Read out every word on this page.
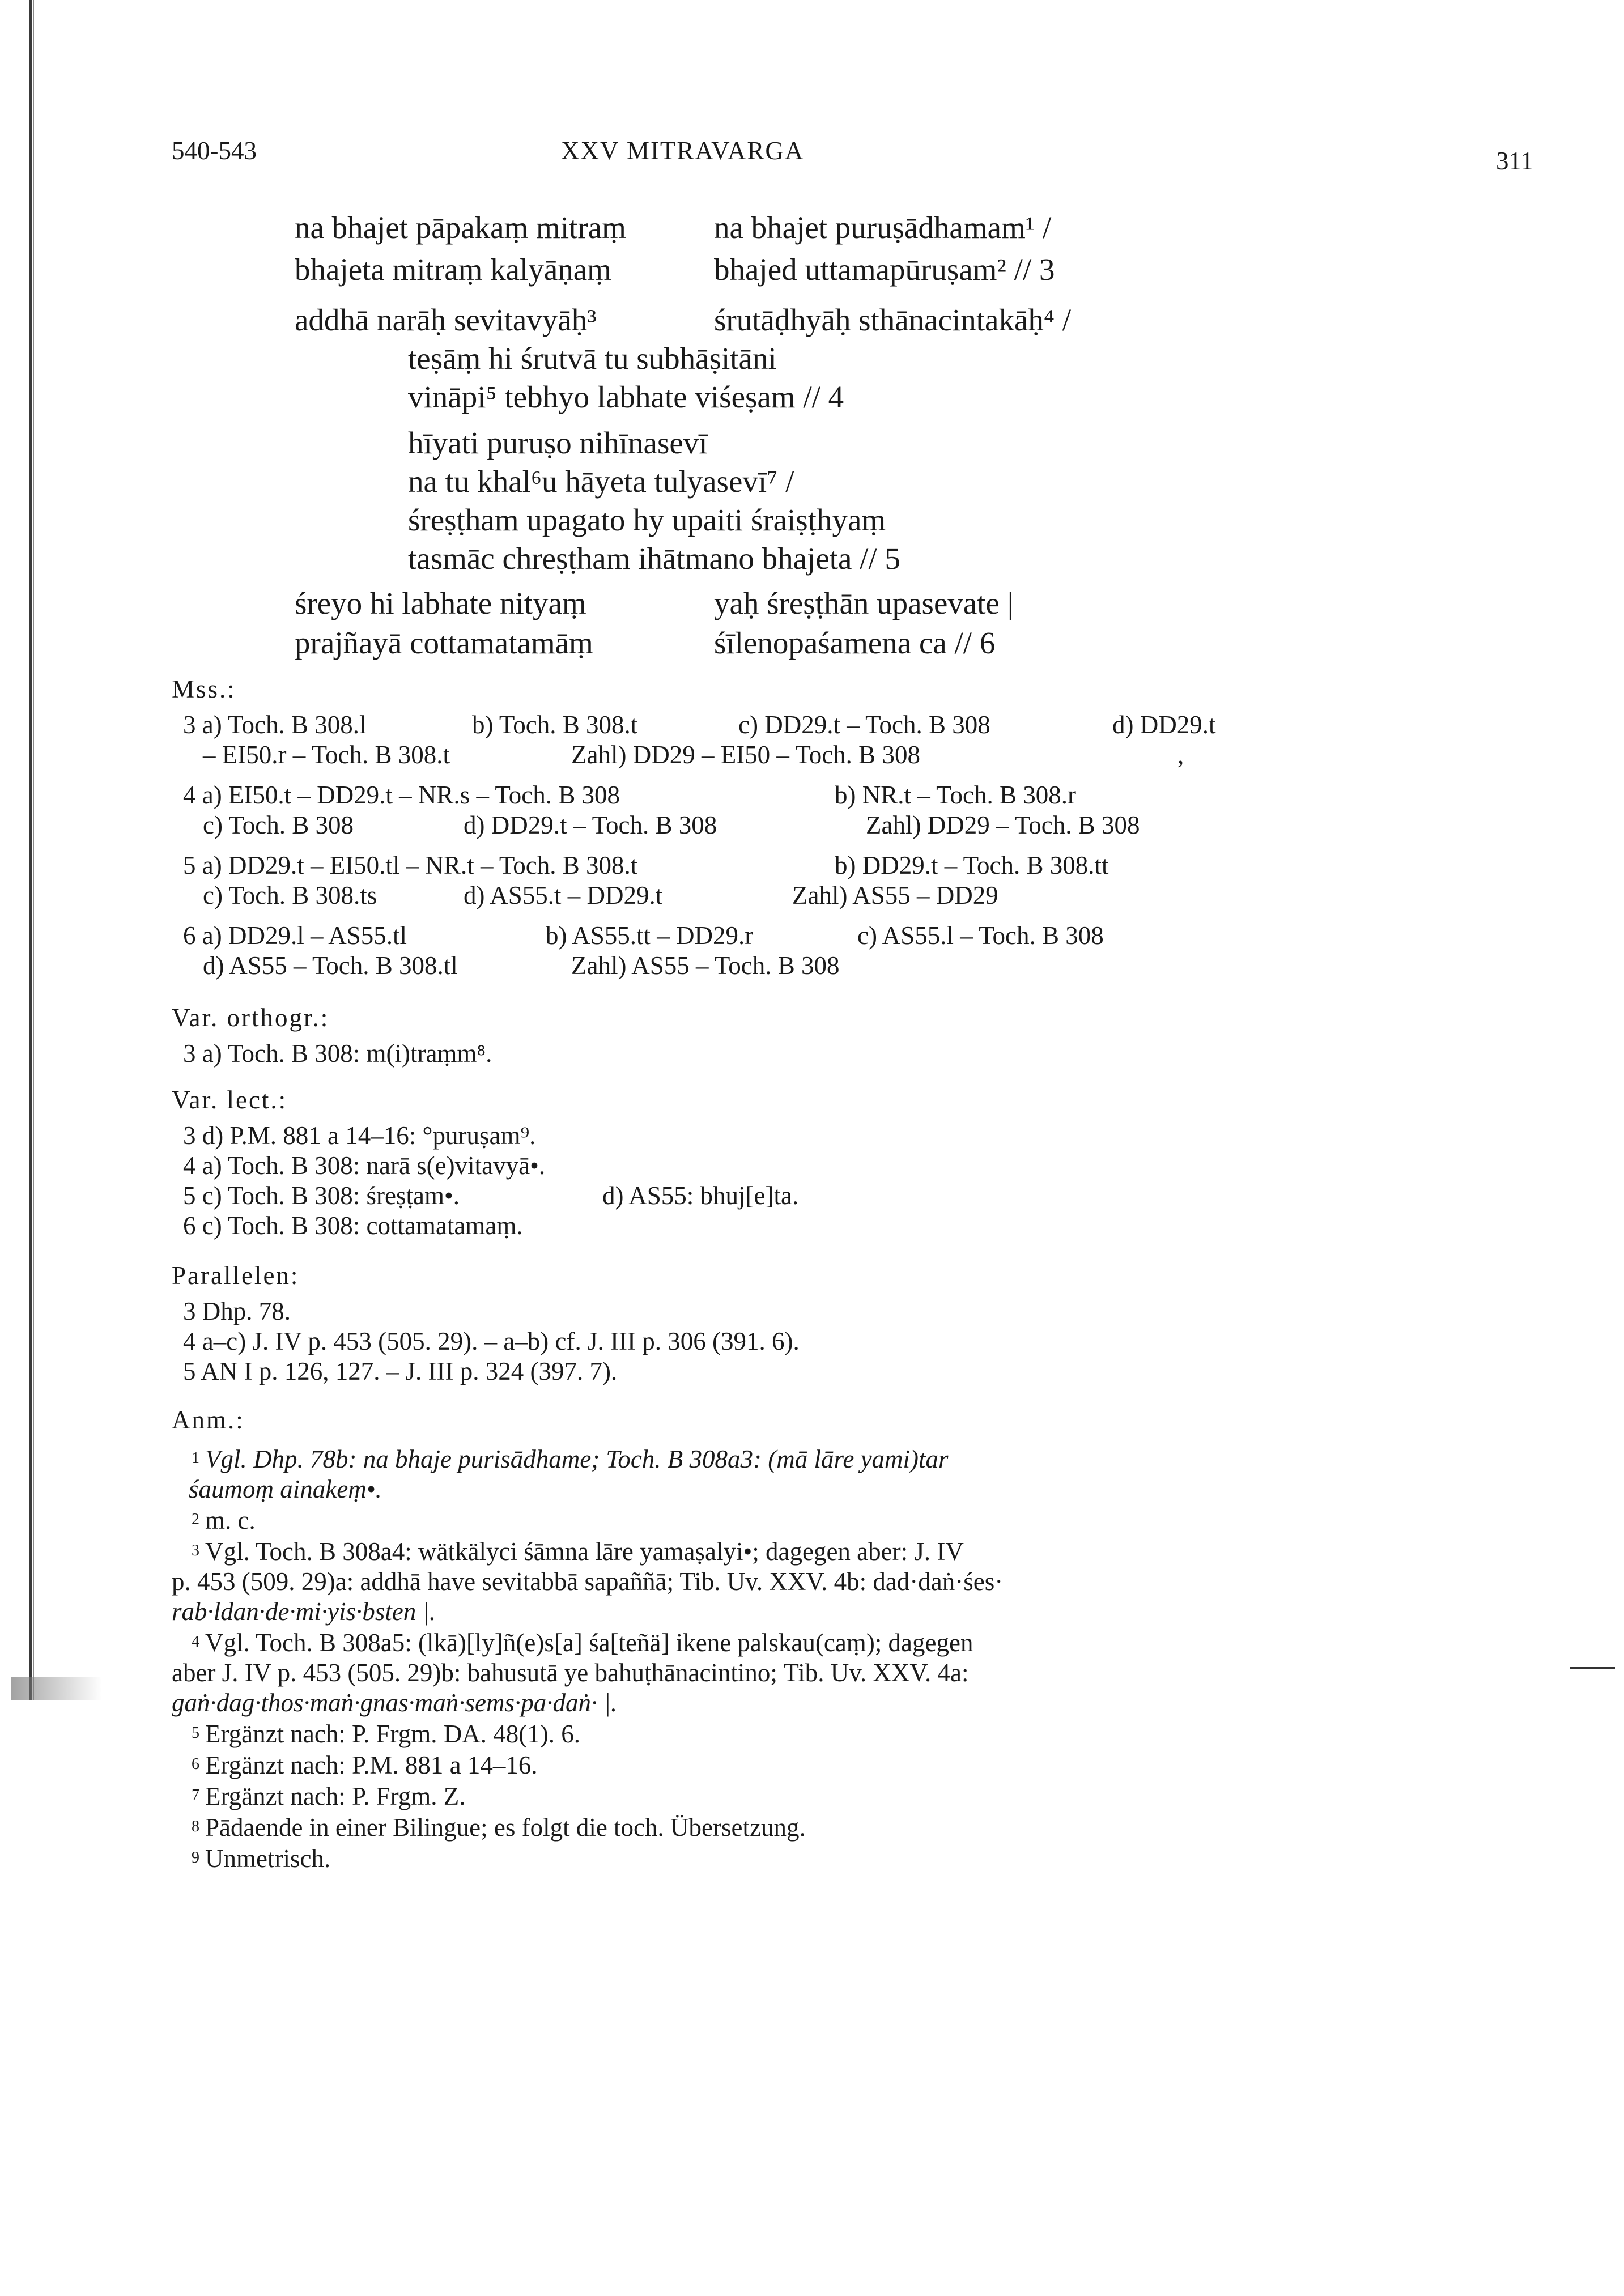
540-543	XXV MITRAVARGA	311
na bhajet pāpakaṃ mitraṃ	na bhajet puruṣādhamam¹ /
bhajeta mitraṃ kalyāṇaṃ	bhajed uttamapūruṣam² // 3
addhā narāḥ sevitavyāḥ³	śrutāḍhyāḥ sthānacintakāḥ⁴ /
teṣāṃ hi śrutvā tu subhāṣitāni
vināpi⁵ tebhyo labhate viśeṣam // 4
hīyati puruṣo nihīnasevī
na tu khal⁶u hāyeta tulyasevī⁷ /
śreṣṭham upagato hy upaiti śraiṣṭhyaṃ
tasmāc chreṣṭham ihātmano bhajeta // 5
śreyo hi labhate nityaṃ	yaḥ śreṣṭhān upasevate |
prajñayā cottamatamāṃ	śīlenopaśamena ca // 6
Mss.:
3 a) Toch. B 308.l	b) Toch. B 308.t	c) DD29.t – Toch. B 308	d) DD29.t
– EI50.r – Toch. B 308.t	Zahl) DD29 – EI50 – Toch. B 308	,
4 a) EI50.t – DD29.t – NR.s – Toch. B 308	b) NR.t – Toch. B 308.r
c) Toch. B 308	d) DD29.t – Toch. B 308	Zahl) DD29 – Toch. B 308
5 a) DD29.t – EI50.tl – NR.t – Toch. B 308.t	b) DD29.t – Toch. B 308.tt
c) Toch. B 308.ts	d) AS55.t – DD29.t	Zahl) AS55 – DD29
6 a) DD29.l – AS55.tl	b) AS55.tt – DD29.r	c) AS55.l – Toch. B 308
d) AS55 – Toch. B 308.tl	Zahl) AS55 – Toch. B 308
Var. orthogr.:
3 a) Toch. B 308: m(i)traṃm⁸.
Var. lect.:
3 d) P.M. 881 a 14–16: °puruṣam⁹.
4 a) Toch. B 308: narā s(e)vitavyā•.
5 c) Toch. B 308: śreṣṭam•.	d) AS55: bhuj[e]ta.
6 c) Toch. B 308: cottamatamaṃ.
Parallelen:
3 Dhp. 78.
4 a–c) J. IV p. 453 (505. 29). – a–b) cf. J. III p. 306 (391. 6).
5 AN I p. 126, 127. – J. III p. 324 (397. 7).
Anm.:
$^1$ Vgl. Dhp. 78b: na bhaje purisādhame; Toch. B 308a3: (mā lāre yami)tar
śaumoṃ ainakeṃ•.
$^2$ m. c.
$^3$ Vgl. Toch. B 308a4: wätkälyci śāmna lāre yamaṣalyi•; dagegen aber: J. IV
p. 453 (509. 29)a: addhā have sevitabbā sapaññā; Tib. Uv. XXV. 4b: dad·daṅ·śes·
rab·ldan·de·mi·yis·bsten |.
$^4$ Vgl. Toch. B 308a5: (lkā)[ly]ñ(e)s[a] śa[teñä] ikene palskau(caṃ); dagegen
aber J. IV p. 453 (505. 29)b: bahusutā ye bahuṭhānacintino; Tib. Uv. XXV. 4a:
gaṅ·dag·thos·maṅ·gnas·maṅ·sems·pa·daṅ· |.
$^5$ Ergänzt nach: P. Frgm. DA. 48(1). 6.
$^6$ Ergänzt nach: P.M. 881 a 14–16.
$^7$ Ergänzt nach: P. Frgm. Z.
$^8$ Pādaende in einer Bilingue; es folgt die toch. Übersetzung.
$^9$ Unmetrisch.
